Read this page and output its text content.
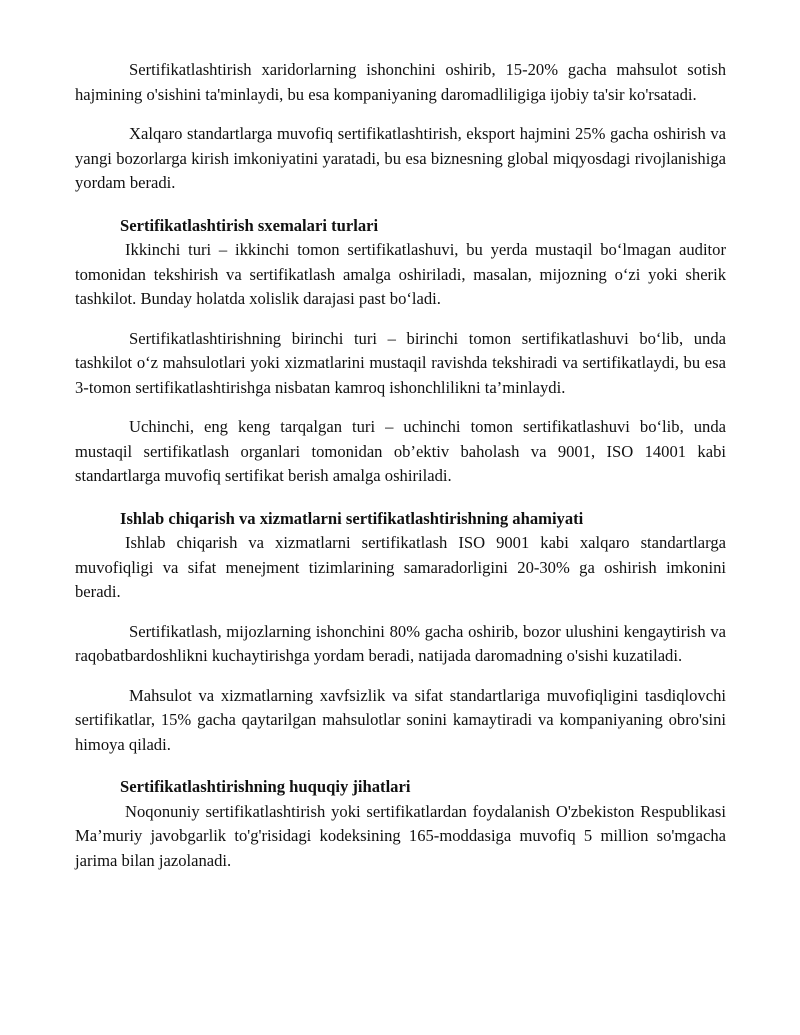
Sertifikatlashtirish xaridorlarning ishonchini oshirib, 15-20% gacha mahsulot sotish hajmining o'sishini ta'minlaydi, bu esa kompaniyaning daromadliligiga ijobiy ta'sir ko'rsatadi.

Xalqaro standartlarga muvofiq sertifikatlashtirish, eksport hajmini 25% gacha oshirish va yangi bozorlarga kirish imkoniyatini yaratadi, bu esa biznesning global miqyosdagi rivojlanishiga yordam beradi.

Sertifikatlashtirish sxemalari turlari

Ikkinchi turi – ikkinchi tomon sertifikatlashuvi, bu yerda mustaqil bo‘lmagan auditor tomonidan tekshirish va sertifikatlash amalga oshiriladi, masalan, mijozning o‘zi yoki sherik tashkilot. Bunday holatda xolislik darajasi past bo‘ladi.

Sertifikatlashtirishning birinchi turi – birinchi tomon sertifikatlashuvi bo‘lib, unda tashkilot o‘z mahsulotlari yoki xizmatlarini mustaqil ravishda tekshiradi va sertifikatlaydi, bu esa 3-tomon sertifikatlashtirishga nisbatan kamroq ishonchlilikni ta’minlaydi.

Uchinchi, eng keng tarqalgan turi – uchinchi tomon sertifikatlashuvi bo‘lib, unda mustaqil sertifikatlash organlari tomonidan ob’ektiv baholash va 9001, ISO 14001 kabi standartlarga muvofiq sertifikat berish amalga oshiriladi.

Ishlab chiqarish va xizmatlarni sertifikatlashtirishning ahamiyati

Ishlab chiqarish va xizmatlarni sertifikatlash ISO 9001 kabi xalqaro standartlarga muvofiqligi va sifat menejment tizimlarining samaradorligini 20-30% ga oshirish imkonini beradi.

Sertifikatlash, mijozlarning ishonchini 80% gacha oshirib, bozor ulushini kengaytirish va raqobatbardoshlikni kuchaytirishga yordam beradi, natijada daromadning o'sishi kuzatiladi.

Mahsulot va xizmatlarning xavfsizlik va sifat standartlariga muvofiqligini tasdiqlovchi sertifikatlar, 15% gacha qaytarilgan mahsulotlar sonini kamaytiradi va kompaniyaning obro'sini himoya qiladi.

Sertifikatlashtirishning huquqiy jihatlari

Noqonuniy sertifikatlashtirish yoki sertifikatlardan foydalanish O'zbekiston Respublikasi Ma’muriy javobgarlik to'g'risidagi kodeksining 165-moddasiga muvofiq 5 million so'mgacha jarima bilan jazolanadi.
